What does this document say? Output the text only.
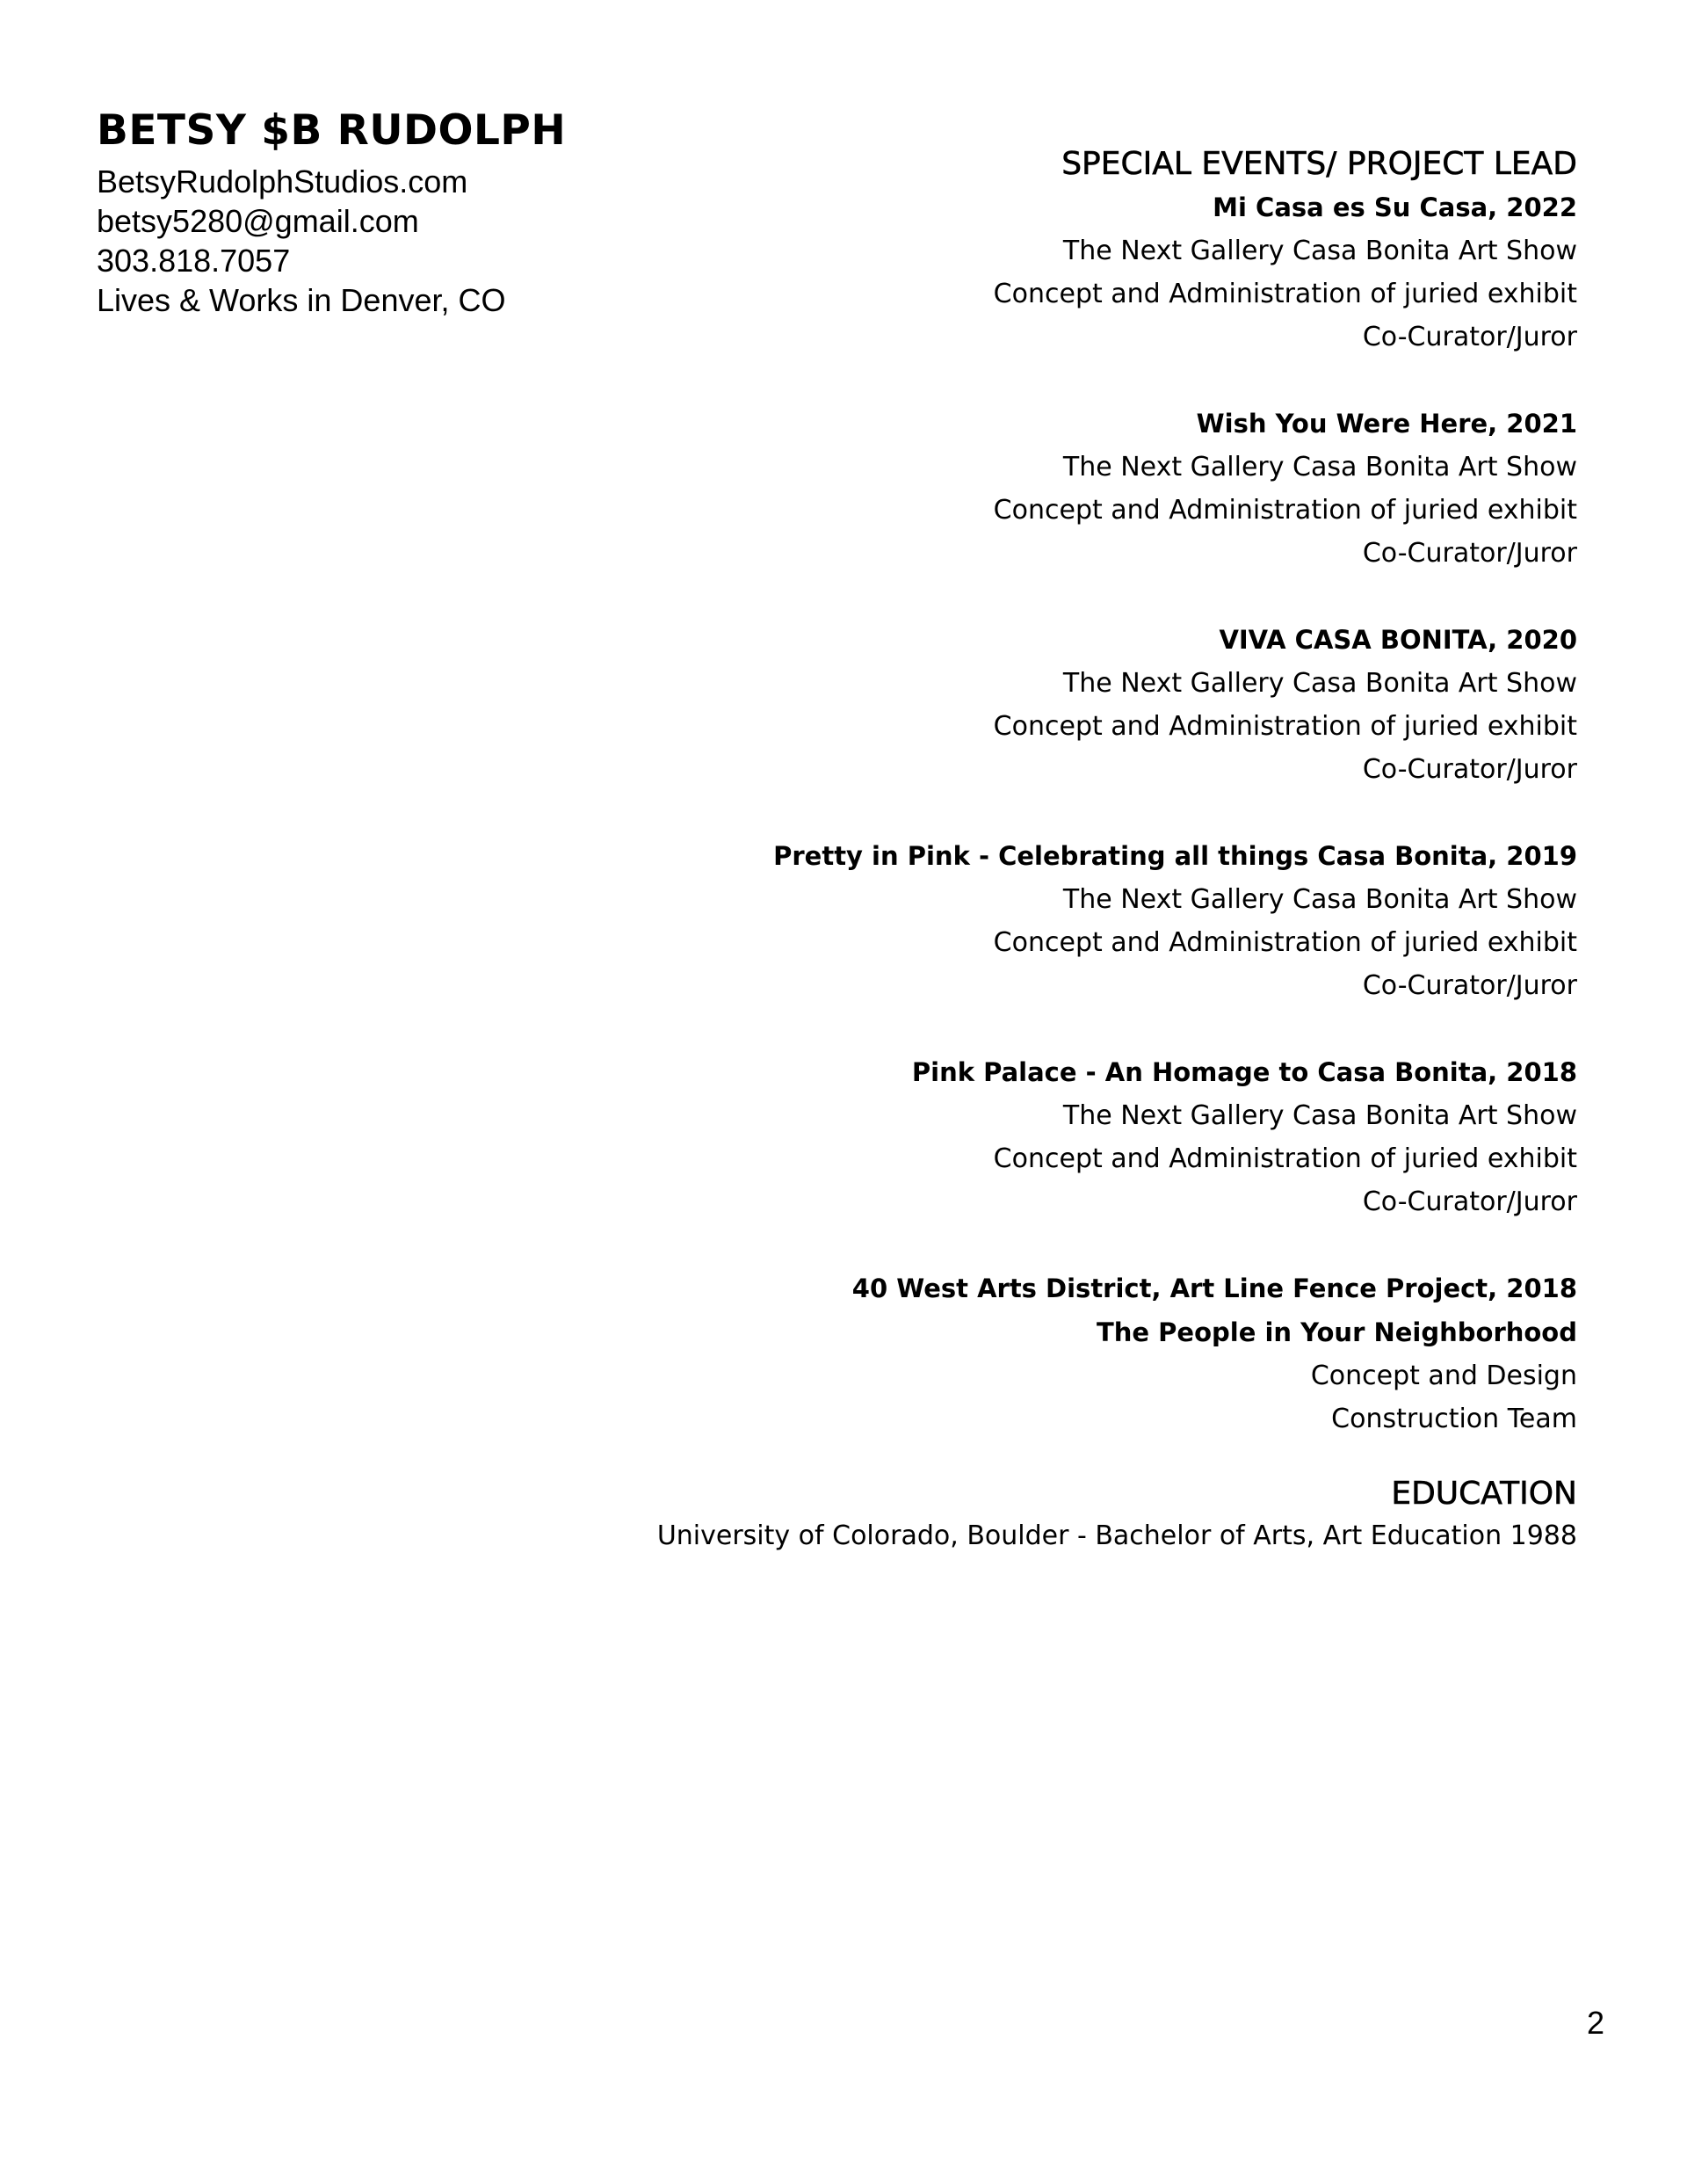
BETSY $B RUDOLPH
BetsyRudolphStudios.com
betsy5280@gmail.com
303.818.7057
Lives & Works in Denver, CO
SPECIAL EVENTS/ PROJECT LEAD
Mi Casa es Su Casa, 2022
The Next Gallery Casa Bonita Art Show
Concept and Administration of juried exhibit
Co-Curator/Juror
Wish You Were Here, 2021
The Next Gallery Casa Bonita Art Show
Concept and Administration of juried exhibit
Co-Curator/Juror
VIVA CASA BONITA, 2020
The Next Gallery Casa Bonita Art Show
Concept and Administration of juried exhibit
Co-Curator/Juror
Pretty in Pink - Celebrating all things Casa Bonita, 2019
The Next Gallery Casa Bonita Art Show
Concept and Administration of juried exhibit
Co-Curator/Juror
Pink Palace - An Homage to Casa Bonita, 2018
The Next Gallery Casa Bonita Art Show
Concept and Administration of juried exhibit
Co-Curator/Juror
40 West Arts District, Art Line Fence Project, 2018
The People in Your Neighborhood
Concept and Design
Construction Team
EDUCATION
University of Colorado, Boulder - Bachelor of Arts, Art Education 1988
2
